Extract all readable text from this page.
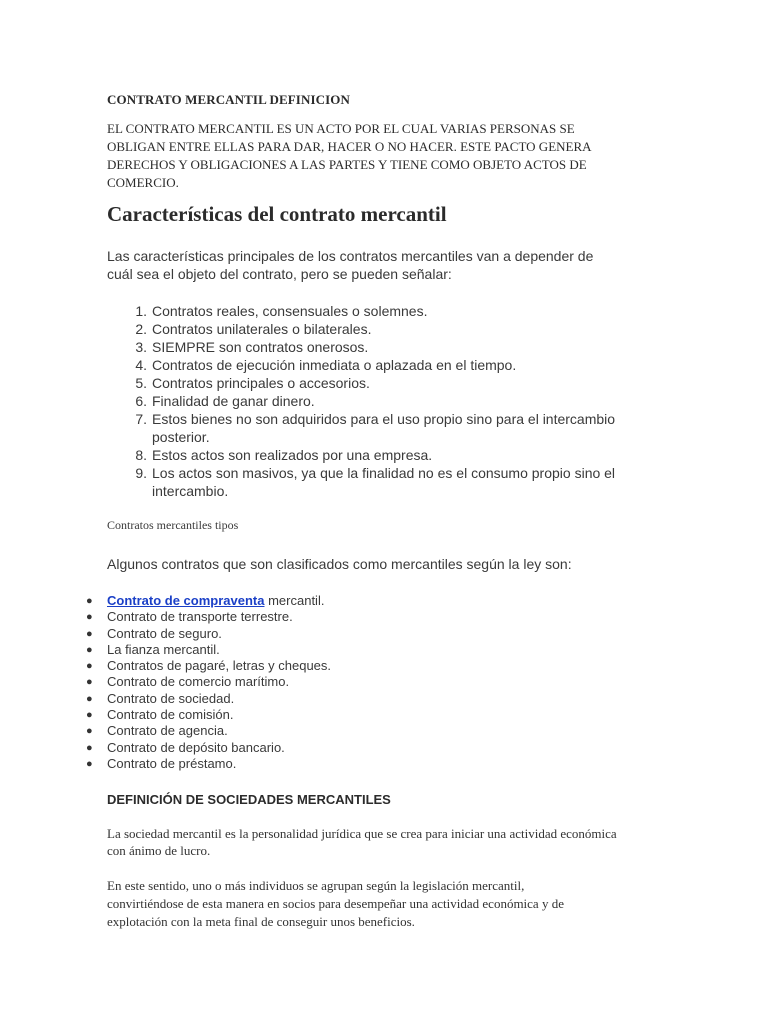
CONTRATO MERCANTIL DEFINICION
EL CONTRATO MERCANTIL ES UN ACTO POR EL CUAL VARIAS PERSONAS SE
OBLIGAN ENTRE ELLAS PARA DAR, HACER O NO HACER. ESTE PACTO GENERA
DERECHOS Y OBLIGACIONES A LAS PARTES Y TIENE COMO OBJETO ACTOS DE
COMERCIO.
Características del contrato mercantil
Las características principales de los contratos mercantiles van a depender de
cuál sea el objeto del contrato, pero se pueden señalar:
1. Contratos reales, consensuales o solemnes.
2. Contratos unilaterales o bilaterales.
3. SIEMPRE son contratos onerosos.
4. Contratos de ejecución inmediata o aplazada en el tiempo.
5. Contratos principales o accesorios.
6. Finalidad de ganar dinero.
7. Estos bienes no son adquiridos para el uso propio sino para el intercambio
posterior.
8. Estos actos son realizados por una empresa.
9. Los actos son masivos, ya que la finalidad no es el consumo propio sino el
intercambio.
Contratos mercantiles tipos
Algunos contratos que son clasificados como mercantiles según la ley son:
● Contrato de compraventa mercantil.
● Contrato de transporte terrestre.
● Contrato de seguro.
● La fianza mercantil.
● Contratos de pagaré, letras y cheques.
● Contrato de comercio marítimo.
● Contrato de sociedad.
● Contrato de comisión.
● Contrato de agencia.
● Contrato de depósito bancario.
● Contrato de préstamo.
DEFINICIÓN DE SOCIEDADES MERCANTILES
La sociedad mercantil es la personalidad jurídica que se crea para iniciar una actividad económica
con ánimo de lucro.
En este sentido, uno o más individuos se agrupan según la legislación mercantil,
convirtiéndose de esta manera en socios para desempeñar una actividad económica y de
explotación con la meta final de conseguir unos beneficios.
